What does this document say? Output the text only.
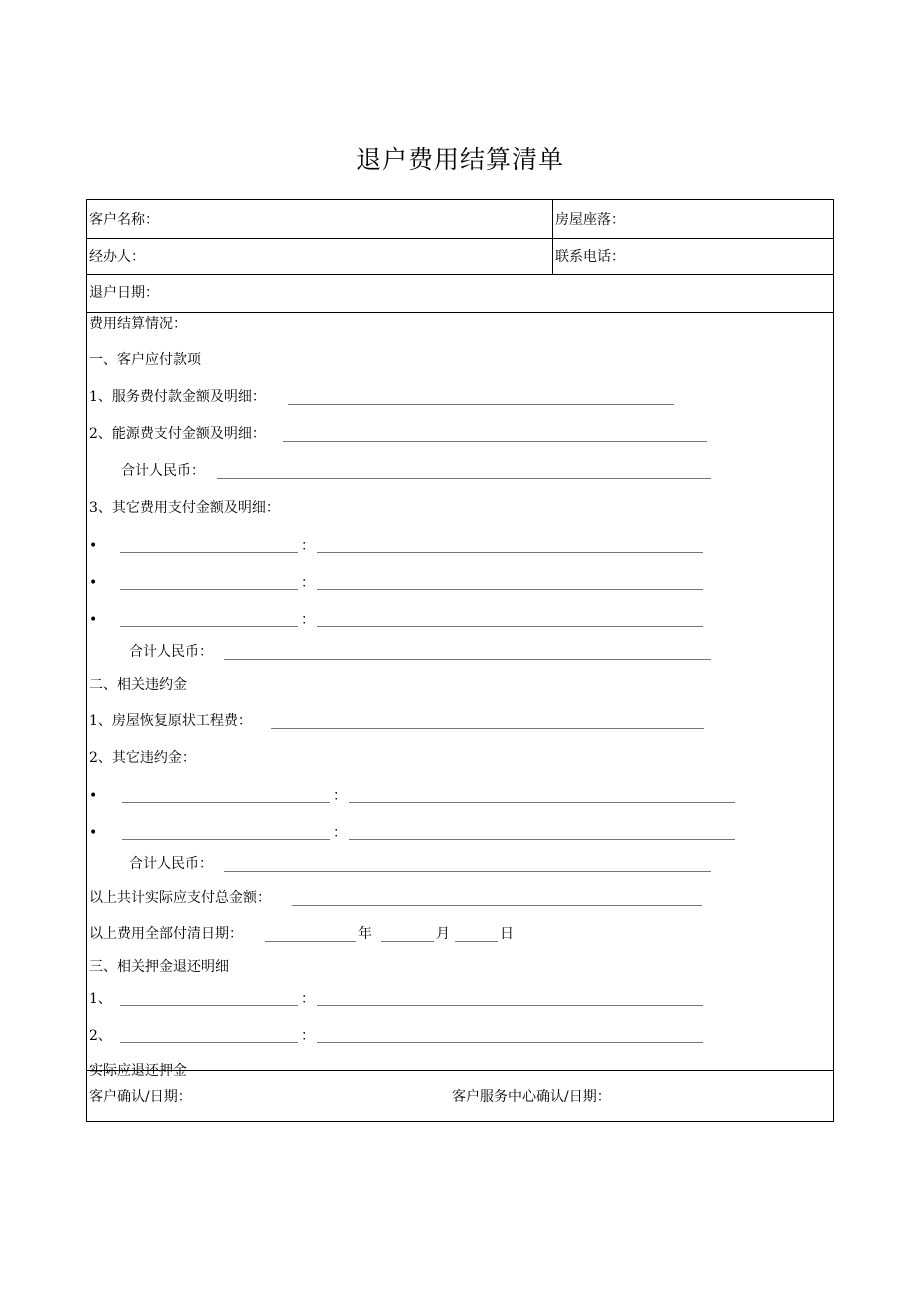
退户费用结算清单
客户名称：	房屋座落：
经办人：	联系电话：
退户日期：
费用结算情况：
一、客户应付款项
1、服务费付款金额及明细：
2、能源费支付金额及明细：
合计人民币：
3、其它费用支付金额及明细：
•	：
•	：
•	：
合计人民币：
二、相关违约金
1、房屋恢复原状工程费：
2、其它违约金：
•	：
•	：
合计人民币：
以上共计实际应支付总金额：
以上费用全部付清日期：	年	月	日
三、相关押金退还明细
1、	：
2、	：
实际应退还押金
客户确认/日期：	客户服务中心确认/日期：
